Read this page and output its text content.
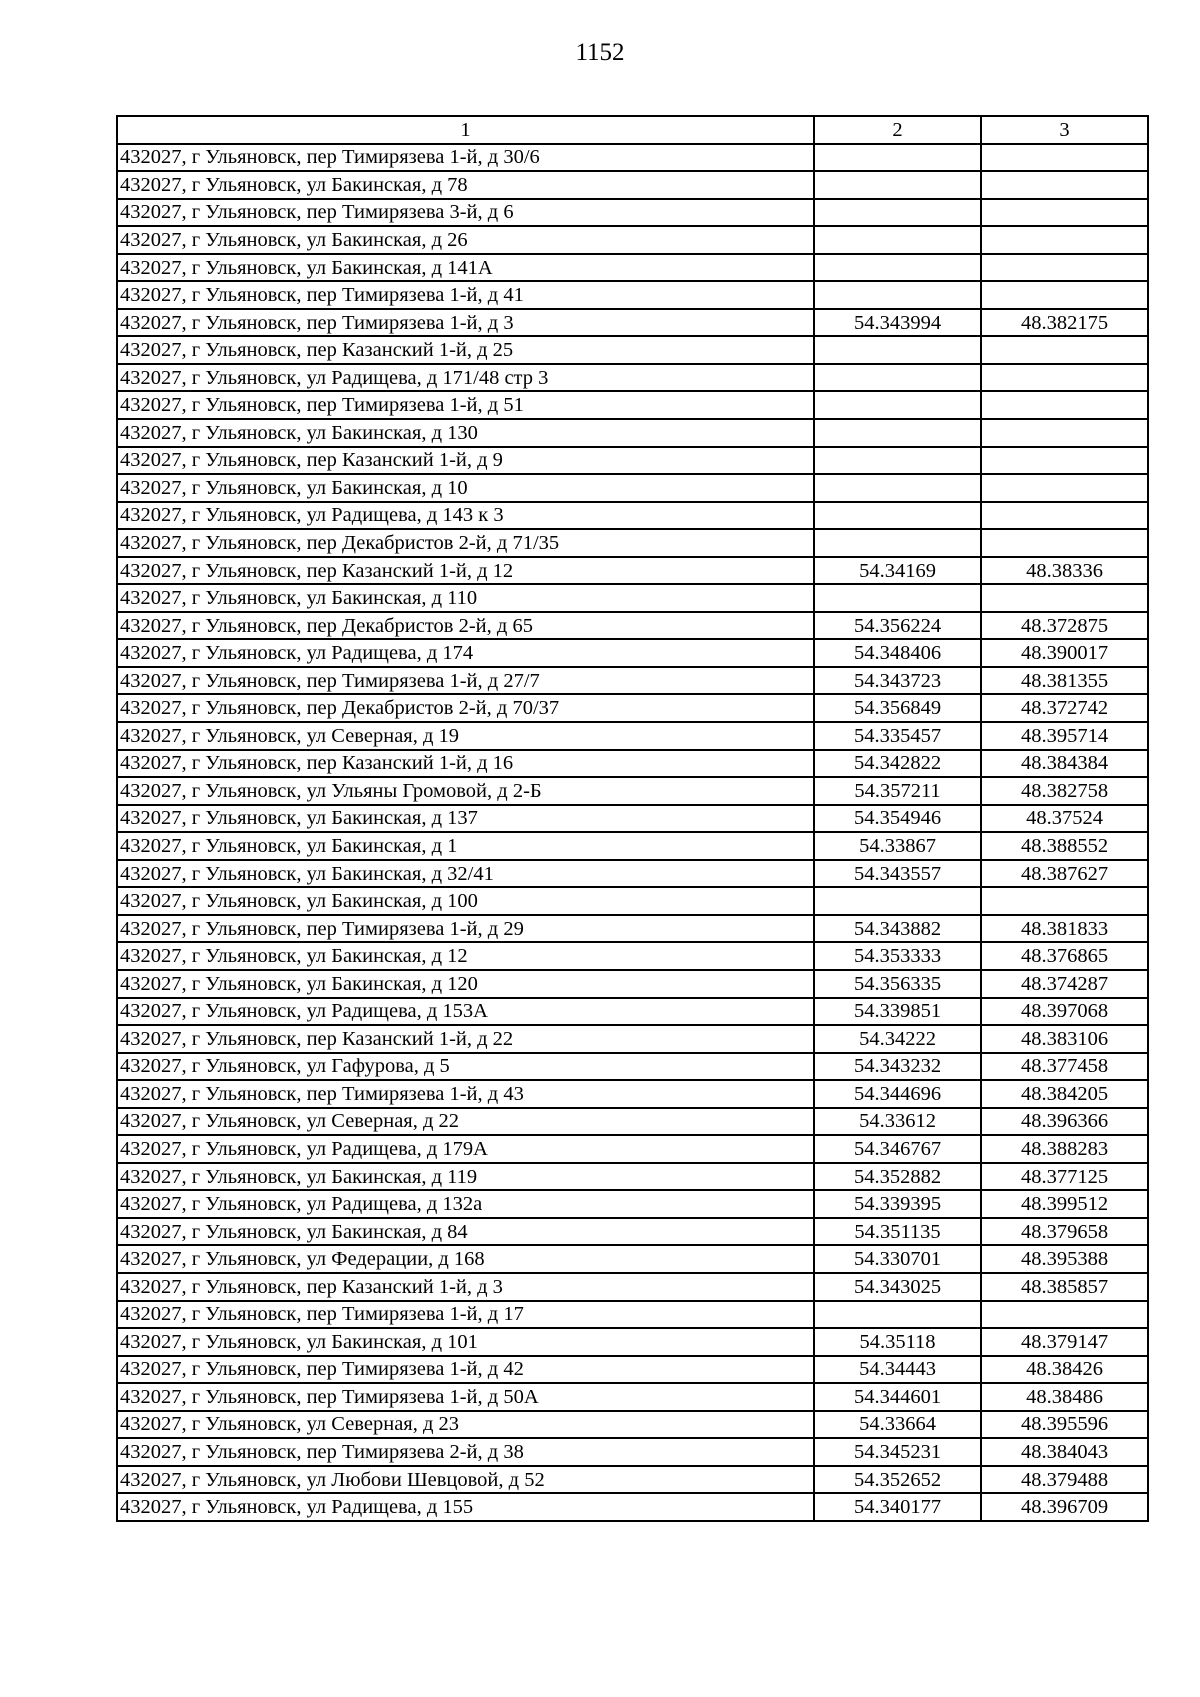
1152
1	2	3
432027, г Ульяновск, пер Тимирязева 1-й, д 30/6		
432027, г Ульяновск, ул Бакинская, д 78		
432027, г Ульяновск, пер Тимирязева 3-й, д 6		
432027, г Ульяновск, ул Бакинская, д 26		
432027, г Ульяновск, ул Бакинская, д 141А		
432027, г Ульяновск, пер Тимирязева 1-й, д 41		
432027, г Ульяновск, пер Тимирязева 1-й, д 3	54.343994	48.382175
432027, г Ульяновск, пер Казанский 1-й, д 25		
432027, г Ульяновск, ул Радищева, д 171/48 стр 3		
432027, г Ульяновск, пер Тимирязева 1-й, д 51		
432027, г Ульяновск, ул Бакинская, д 130		
432027, г Ульяновск, пер Казанский 1-й, д 9		
432027, г Ульяновск, ул Бакинская, д 10		
432027, г Ульяновск, ул Радищева, д 143 к 3		
432027, г Ульяновск, пер Декабристов 2-й, д 71/35		
432027, г Ульяновск, пер Казанский 1-й, д 12	54.34169	48.38336
432027, г Ульяновск, ул Бакинская, д 110		
432027, г Ульяновск, пер Декабристов 2-й, д 65	54.356224	48.372875
432027, г Ульяновск, ул Радищева, д 174	54.348406	48.390017
432027, г Ульяновск, пер Тимирязева 1-й, д 27/7	54.343723	48.381355
432027, г Ульяновск, пер Декабристов 2-й, д 70/37	54.356849	48.372742
432027, г Ульяновск, ул Северная, д 19	54.335457	48.395714
432027, г Ульяновск, пер Казанский 1-й, д 16	54.342822	48.384384
432027, г Ульяновск, ул Ульяны Громовой, д 2-Б	54.357211	48.382758
432027, г Ульяновск, ул Бакинская, д 137	54.354946	48.37524
432027, г Ульяновск, ул Бакинская, д 1	54.33867	48.388552
432027, г Ульяновск, ул Бакинская, д 32/41	54.343557	48.387627
432027, г Ульяновск, ул Бакинская, д 100		
432027, г Ульяновск, пер Тимирязева 1-й, д 29	54.343882	48.381833
432027, г Ульяновск, ул Бакинская, д 12	54.353333	48.376865
432027, г Ульяновск, ул Бакинская, д 120	54.356335	48.374287
432027, г Ульяновск, ул Радищева, д 153А	54.339851	48.397068
432027, г Ульяновск, пер Казанский 1-й, д 22	54.34222	48.383106
432027, г Ульяновск, ул Гафурова, д 5	54.343232	48.377458
432027, г Ульяновск, пер Тимирязева 1-й, д 43	54.344696	48.384205
432027, г Ульяновск, ул Северная, д 22	54.33612	48.396366
432027, г Ульяновск, ул Радищева, д 179А	54.346767	48.388283
432027, г Ульяновск, ул Бакинская, д 119	54.352882	48.377125
432027, г Ульяновск, ул Радищева, д 132а	54.339395	48.399512
432027, г Ульяновск, ул Бакинская, д 84	54.351135	48.379658
432027, г Ульяновск, ул Федерации, д 168	54.330701	48.395388
432027, г Ульяновск, пер Казанский 1-й, д 3	54.343025	48.385857
432027, г Ульяновск, пер Тимирязева 1-й, д 17		
432027, г Ульяновск, ул Бакинская, д 101	54.35118	48.379147
432027, г Ульяновск, пер Тимирязева 1-й, д 42	54.34443	48.38426
432027, г Ульяновск, пер Тимирязева 1-й, д 50А	54.344601	48.38486
432027, г Ульяновск, ул Северная, д 23	54.33664	48.395596
432027, г Ульяновск, пер Тимирязева 2-й, д 38	54.345231	48.384043
432027, г Ульяновск, ул Любови Шевцовой, д 52	54.352652	48.379488
432027, г Ульяновск, ул Радищева, д 155	54.340177	48.396709
